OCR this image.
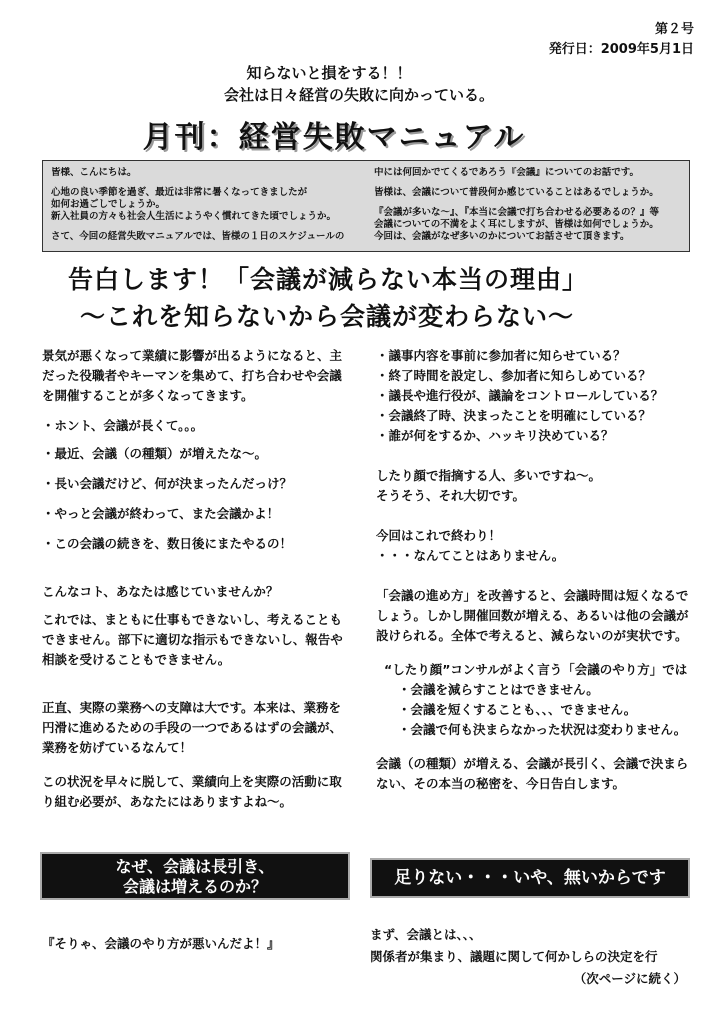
第２号
発行日：2009年5月1日
知らないと損をする！！
会社は日々経営の失敗に向かっている。
月刊：経営失敗マニュアル

皆様、こんにちは。

心地の良い季節を過ぎ、最近は非常に暑くなってきましたが
如何お過ごしでしょうか。
新入社員の方々も社会人生活にようやく慣れてきた頃でしょうか。

さて、今回の経営失敗マニュアルでは、皆様の１日のスケジュールの

中には何回かでてくるであろう『会議』についてのお話です。

皆様は、会議について普段何か感じていることはあるでしょうか。

『会議が多いな～』、『本当に会議で打ち合わせる必要あるの？』等
会議についての不満をよく耳にしますが、皆様は如何でしょうか。
今回は、会議がなぜ多いのかについてお話させて頂きます。

告白します！「会議が減らない本当の理由」
～これを知らないから会議が変わらない～

景気が悪くなって業績に影響が出るようになると、主

だった役職者やキーマンを集めて、打ち合わせや会議

を開催することが多くなってきます。

・ホント、会議が長くて。。。

・最近、会議（の種類）が増えたな～。

・長い会議だけど、何が決まったんだっけ？

・やっと会議が終わって、また会議かよ！

・この会議の続きを、数日後にまたやるの！

こんなコト、あなたは感じていませんか？

これでは、まともに仕事もできないし、考えることも

できません。部下に適切な指示もできないし、報告や

相談を受けることもできません。

正直、実際の業務への支障は大です。本来は、業務を

円滑に進めるための手段の一つであるはずの会議が、

業務を妨げているなんて！

この状況を早々に脱して、業績向上を実際の活動に取

り組む必要が、あなたにはありますよね～。

・議事内容を事前に参加者に知らせている？

・終了時間を設定し、参加者に知らしめている？

・議長や進行役が、議論をコントロールしている？

・会議終了時、決まったことを明確にしている？

・誰が何をするか、ハッキリ決めている？

したり顔で指摘する人、多いですね～。

そうそう、それ大切です。

今回はこれで終わり！

・・・なんてことはありません。

「会議の進め方」を改善すると、会議時間は短くなるで

しょう。しかし開催回数が増える、あるいは他の会議が

設けられる。全体で考えると、減らないのが実状です。

“したり顔”コンサルがよく言う「会議のやり方」では

・会議を減らすことはできません。

・会議を短くすることも、、、できません。

・会議で何も決まらなかった状況は変わりません。

会議（の種類）が増える、会議が長引く、会議で決まら

ない、その本当の秘密を、今日告白します。

なぜ、会議は長引き、
会議は増えるのか？	足りない・・・いや、無いからです
『そりゃ、会議のやり方が悪いんだよ！』

まず、会議とは、、、

関係者が集まり、議題に関して何かしらの決定を行

（次ページに続く）
